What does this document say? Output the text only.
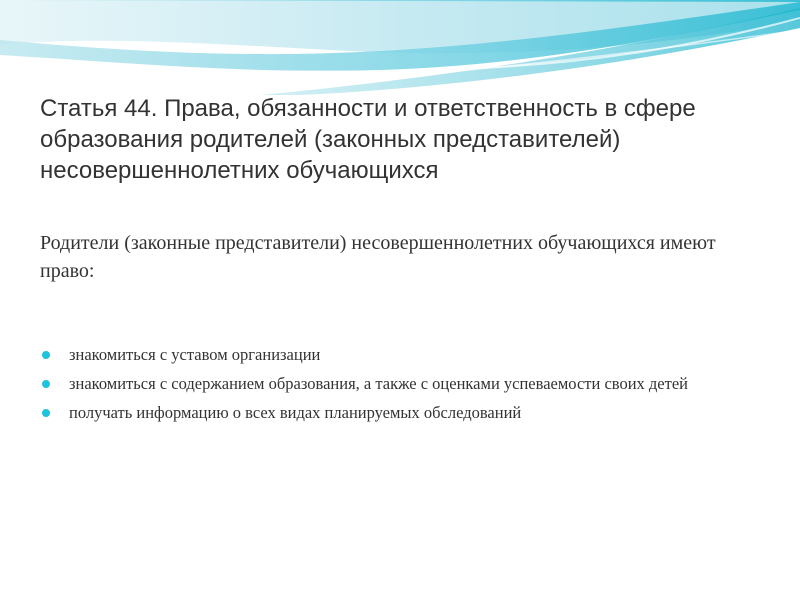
Статья 44. Права, обязанности и ответственность в сфере образования родителей (законных представителей) несовершеннолетних обучающихся

Родители (законные представители) несовершеннолетних обучающихся имеют право:

знакомиться с уставом организации
знакомиться с содержанием образования, а также с оценками успеваемости своих детей
получать информацию о всех видах планируемых обследований
